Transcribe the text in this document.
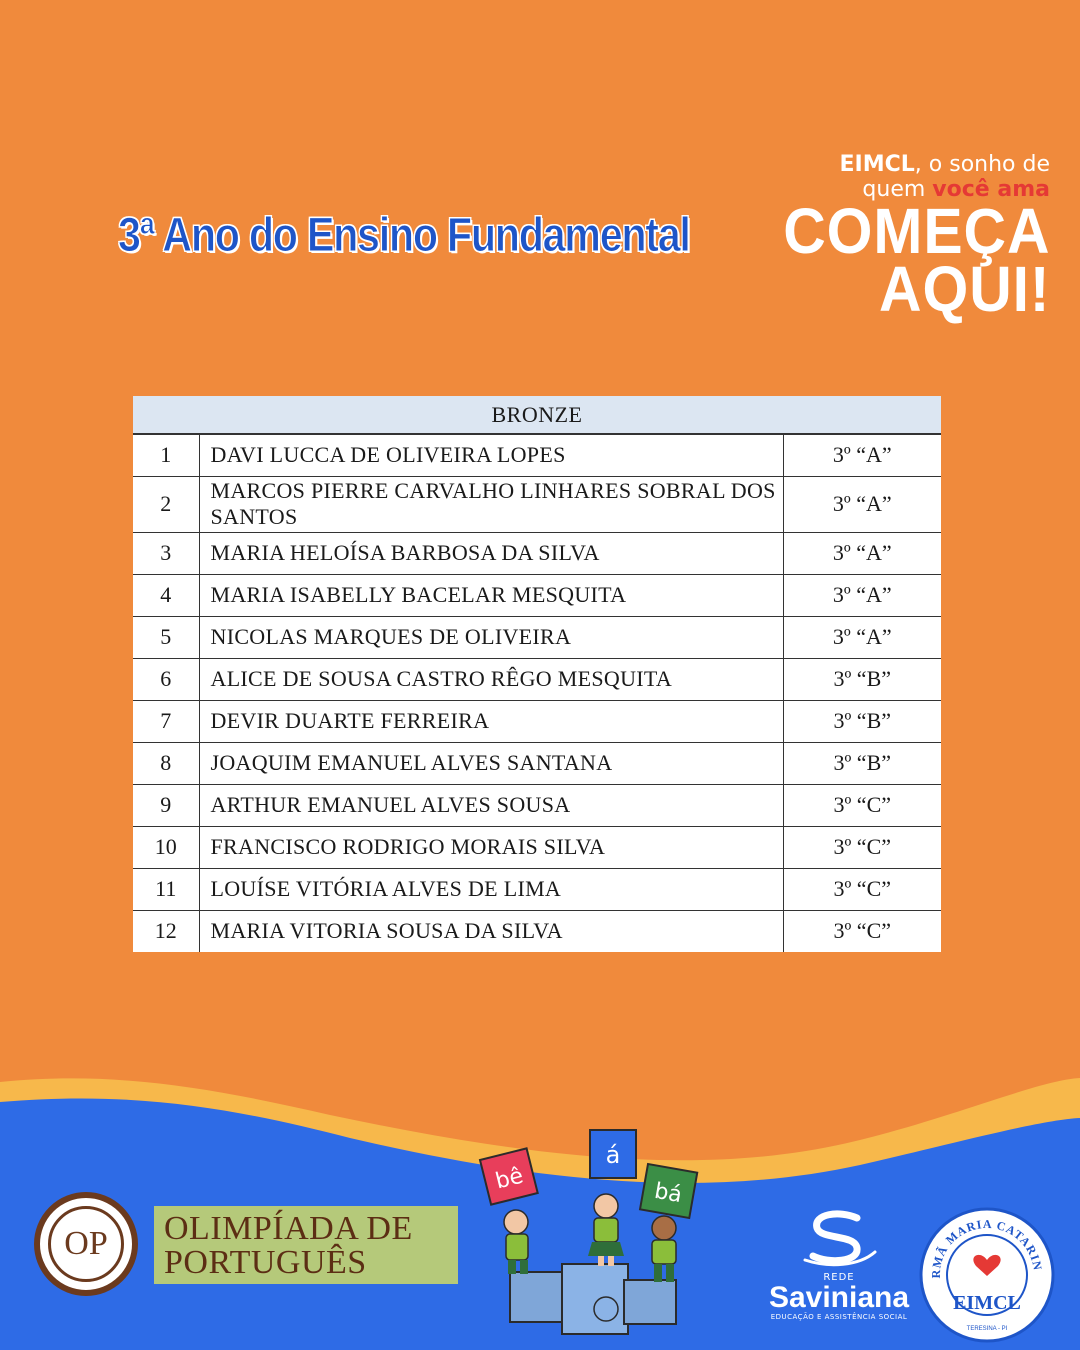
3ª Ano do Ensino Fundamental
EIMCL, o sonho de
quem você ama
COMEÇA
AQUI!
BRONZE		
1	DAVI LUCCA DE OLIVEIRA LOPES	3º “A”
2	MARCOS PIERRE CARVALHO LINHARES SOBRAL DOS SANTOS	3º “A”
3	MARIA HELOÍSA BARBOSA DA SILVA	3º “A”
4	MARIA ISABELLY BACELAR MESQUITA	3º “A”
5	NICOLAS MARQUES DE OLIVEIRA	3º “A”
6	ALICE DE SOUSA CASTRO RÊGO MESQUITA	3º “B”
7	DEVIR DUARTE FERREIRA	3º “B”
8	JOAQUIM EMANUEL ALVES SANTANA	3º “B”
9	ARTHUR EMANUEL ALVES SOUSA	3º “C”
10	FRANCISCO RODRIGO MORAIS SILVA	3º “C”
11	LOUÍSE VITÓRIA ALVES DE LIMA	3º “C”
12	MARIA VITORIA SOUSA DA SILVA	3º “C”
OP	OLIMPÍADA DE
PORTUGUÊS
bê
á
bá
REDE
Saviniana
EDUCAÇÃO E ASSISTÊNCIA SOCIAL
RMÃ MARIA CATARIN
TERESINA - PI
EIMCL
